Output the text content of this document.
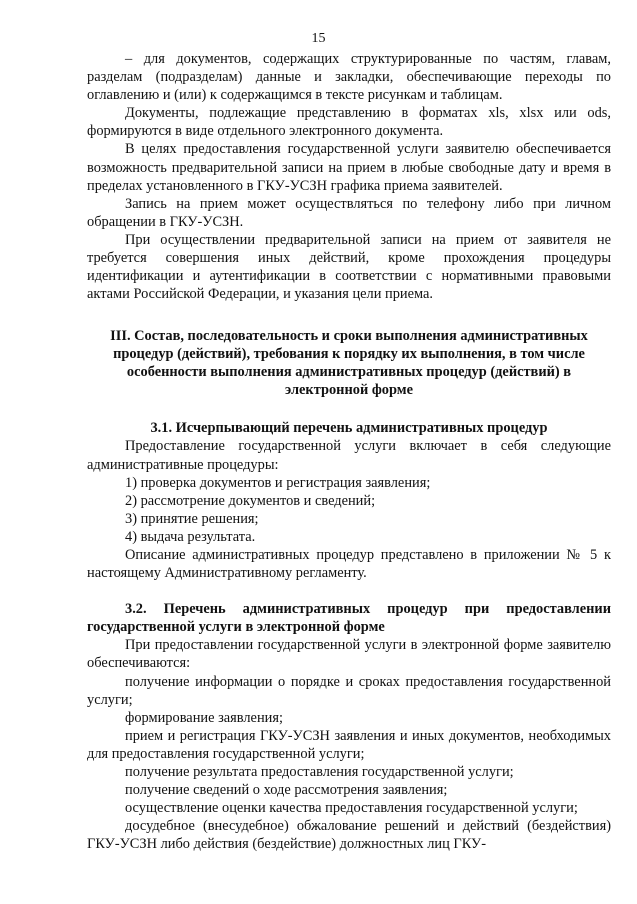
15

– для документов, содержащих структурированные по частям, главам, разделам (подразделам) данные и закладки, обеспечивающие переходы по оглавлению и (или) к содержащимся в тексте рисункам и таблицам.

Документы, подлежащие представлению в форматах xls, xlsx или ods, формируются в виде отдельного электронного документа.

В целях предоставления государственной услуги заявителю обеспечивается возможность предварительной записи на прием в любые свободные дату и время в пределах установленного в ГКУ-УСЗН графика приема заявителей.

Запись на прием может осуществляться по телефону либо при личном обращении в ГКУ-УСЗН.

При осуществлении предварительной записи на прием от заявителя не требуется совершения иных действий, кроме прохождения процедуры идентификации и аутентификации в соответствии с нормативными правовыми актами Российской Федерации, и указания цели приема.

III. Состав, последовательность и сроки выполнения административных процедур (действий), требования к порядку их выполнения, в том числе особенности выполнения административных процедур (действий) в электронной форме
3.1. Исчерпывающий перечень административных процедур

Предоставление государственной услуги включает в себя следующие административные процедуры:

1) проверка документов и регистрация заявления;

2) рассмотрение документов и сведений;

3) принятие решения;

4) выдача результата.

Описание административных процедур представлено в приложении № 5 к настоящему Административному регламенту.

3.2. Перечень административных процедур при предоставлении государственной услуги в электронной форме

При предоставлении государственной услуги в электронной форме заявителю обеспечиваются:

получение информации о порядке и сроках предоставления государственной услуги;

формирование заявления;

прием и регистрация ГКУ-УСЗН заявления и иных документов, необходимых для предоставления государственной услуги;

получение результата предоставления государственной услуги;

получение сведений о ходе рассмотрения заявления;

осуществление оценки качества предоставления государственной услуги;

досудебное (внесудебное) обжалование решений и действий (бездействия) ГКУ-УСЗН либо действия (бездействие) должностных лиц ГКУ-
